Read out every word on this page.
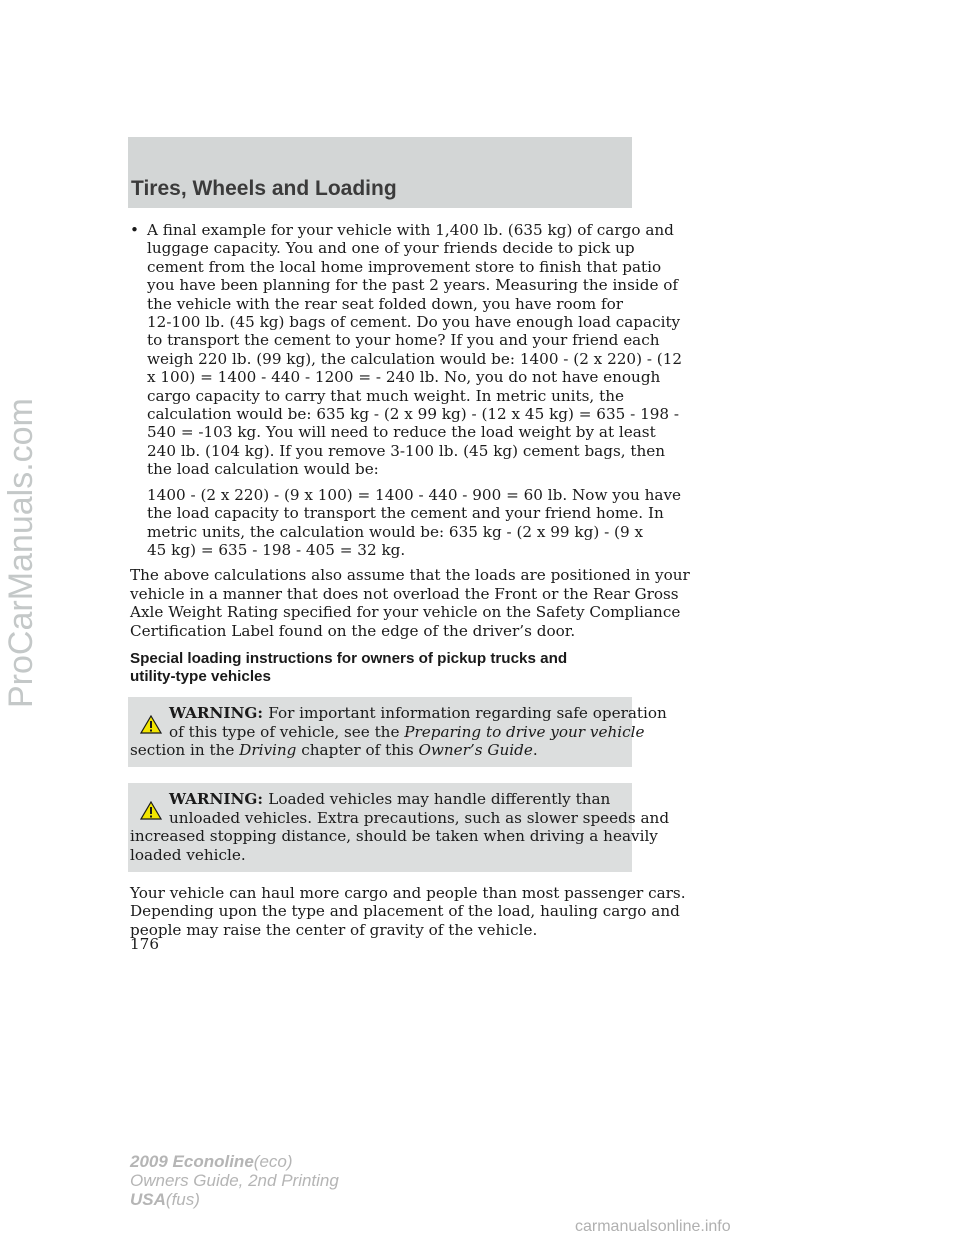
Tires, Wheels and Loading
ProCarManuals.com
• A final example for your vehicle with 1,400 lb. (635 kg) of cargo and

luggage capacity. You and one of your friends decide to pick up

cement from the local home improvement store to finish that patio

you have been planning for the past 2 years. Measuring the inside of

the vehicle with the rear seat folded down, you have room for

12-100 lb. (45 kg) bags of cement. Do you have enough load capacity

to transport the cement to your home? If you and your friend each

weigh 220 lb. (99 kg), the calculation would be: 1400 - (2 x 220) - (12

x 100) = 1400 - 440 - 1200 = - 240 lb. No, you do not have enough

cargo capacity to carry that much weight. In metric units, the

calculation would be: 635 kg - (2 x 99 kg) - (12 x 45 kg) = 635 - 198 -

540 = -103 kg. You will need to reduce the load weight by at least

240 lb. (104 kg). If you remove 3-100 lb. (45 kg) cement bags, then

the load calculation would be:

1400 - (2 x 220) - (9 x 100) = 1400 - 440 - 900 = 60 lb. Now you have

the load capacity to transport the cement and your friend home. In

metric units, the calculation would be: 635 kg - (2 x 99 kg) - (9 x

45 kg) = 635 - 198 - 405 = 32 kg.

The above calculations also assume that the loads are positioned in your

vehicle in a manner that does not overload the Front or the Rear Gross

Axle Weight Rating specified for your vehicle on the Safety Compliance

Certification Label found on the edge of the driver’s door.

Special loading instructions for owners of pickup trucks and
utility-type vehicles

WARNING: For important information regarding safe operation

of this type of vehicle, see the Preparing to drive your vehicle

section in the Driving chapter of this Owner’s Guide.

WARNING: Loaded vehicles may handle differently than

unloaded vehicles. Extra precautions, such as slower speeds and

increased stopping distance, should be taken when driving a heavily

loaded vehicle.

Your vehicle can haul more cargo and people than most passenger cars.

Depending upon the type and placement of the load, hauling cargo and

people may raise the center of gravity of the vehicle.

176
2009 Econoline(eco)
Owners Guide, 2nd Printing
USA(fus)
carmanualsonline.info
